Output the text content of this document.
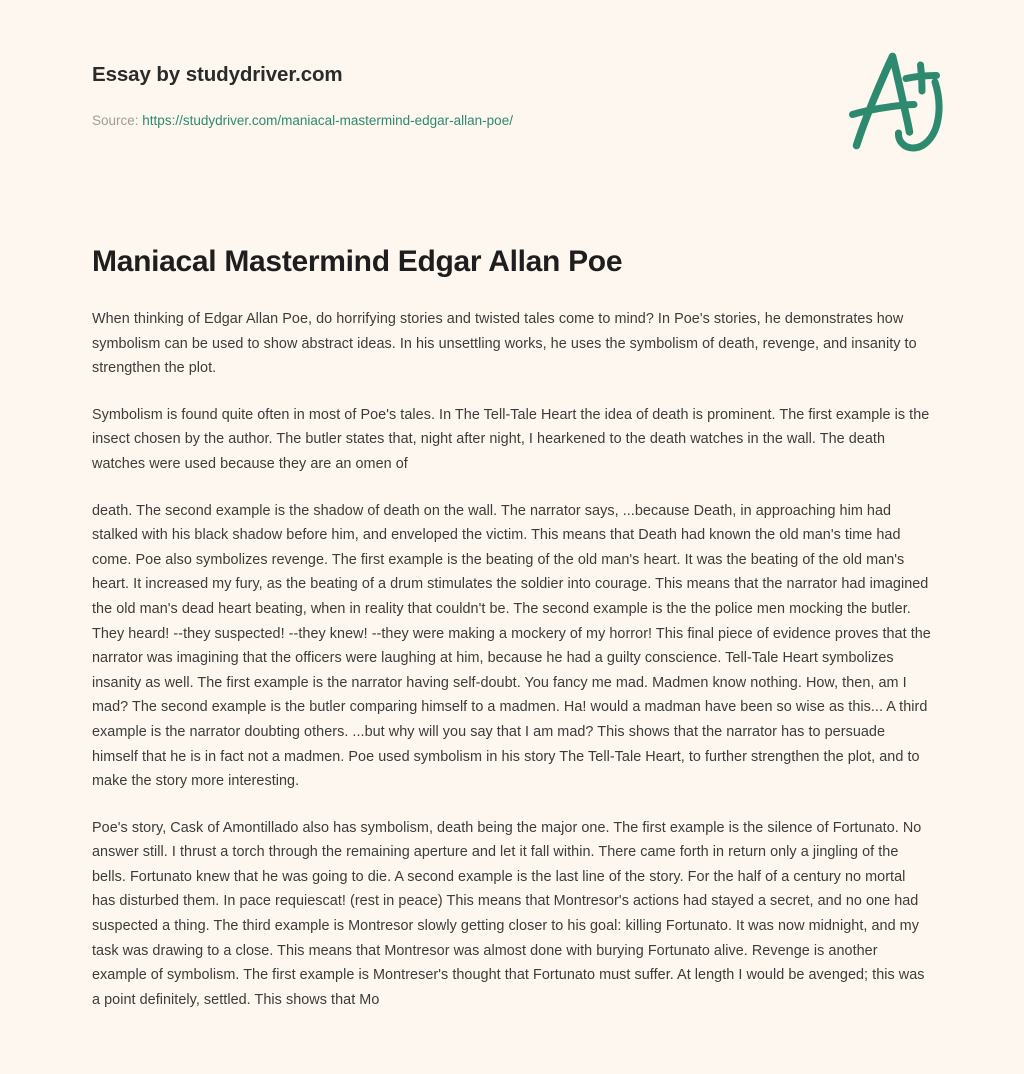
Essay by studydriver.com

Source: https://studydriver.com/maniacal-mastermind-edgar-allan-poe/

Maniacal Mastermind Edgar Allan Poe

When thinking of Edgar Allan Poe, do horrifying stories and twisted tales come to mind? In Poe's stories, he demonstrates how symbolism can be used to show abstract ideas. In his unsettling works, he uses the symbolism of death, revenge, and insanity to strengthen the plot.

Symbolism is found quite often in most of Poe's tales. In The Tell-Tale Heart the idea of death is prominent. The first example is the insect chosen by the author. The butler states that, night after night, I hearkened to the death watches in the wall. The death watches were used because they are an omen of

death. The second example is the shadow of death on the wall. The narrator says, ...because Death, in approaching him had stalked with his black shadow before him, and enveloped the victim. This means that Death had known the old man's time had come. Poe also symbolizes revenge. The first example is the beating of the old man's heart. It was the beating of the old man's heart. It increased my fury, as the beating of a drum stimulates the soldier into courage. This means that the narrator had imagined the old man's dead heart beating, when in reality that couldn't be. The second example is the the police men mocking the butler. They heard! --they suspected! --they knew! --they were making a mockery of my horror! This final piece of evidence proves that the narrator was imagining that the officers were laughing at him, because he had a guilty conscience. Tell-Tale Heart symbolizes insanity as well. The first example is the narrator having self-doubt. You fancy me mad. Madmen know nothing. How, then, am I mad? The second example is the butler comparing himself to a madmen. Ha! would a madman have been so wise as this... A third example is the narrator doubting others. ...but why will you say that I am mad? This shows that the narrator has to persuade himself that he is in fact not a madmen. Poe used symbolism in his story The Tell-Tale Heart, to further strengthen the plot, and to make the story more interesting.

Poe's story, Cask of Amontillado also has symbolism, death being the major one. The first example is the silence of Fortunato. No answer still. I thrust a torch through the remaining aperture and let it fall within. There came forth in return only a jingling of the bells. Fortunato knew that he was going to die. A second example is the last line of the story. For the half of a century no mortal has disturbed them. In pace requiescat! (rest in peace) This means that Montresor's actions had stayed a secret, and no one had suspected a thing. The third example is Montresor slowly getting closer to his goal: killing Fortunato. It was now midnight, and my task was drawing to a close. This means that Montresor was almost done with burying Fortunato alive. Revenge is another example of symbolism. The first example is Montreser's thought that Fortunato must suffer. At length I would be avenged; this was a point definitely, settled. This shows that Mo
